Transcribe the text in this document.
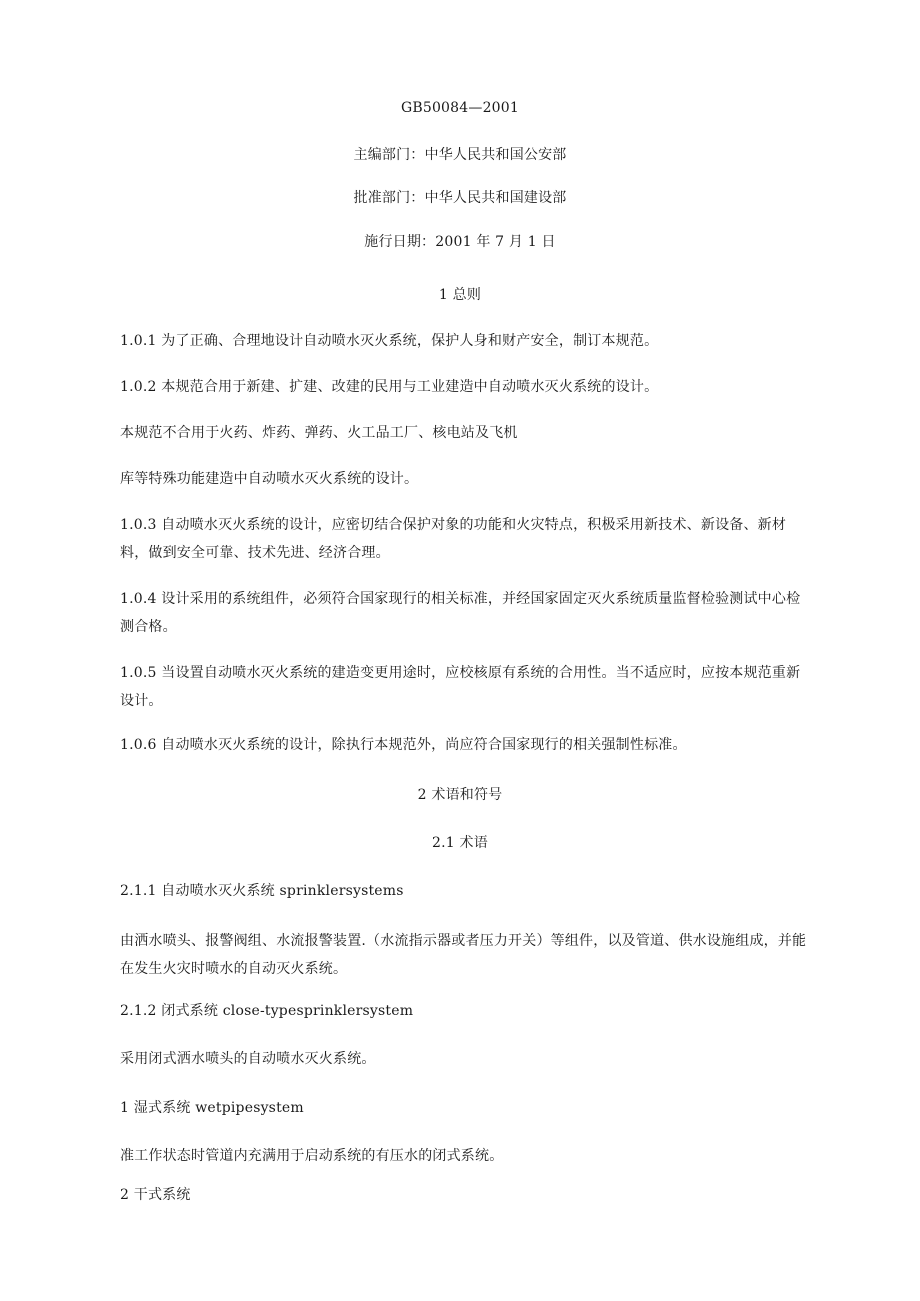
GB50084—2001
主编部门：中华人民共和国公安部
批准部门：中华人民共和国建设部
施行日期：2001 年 7 月 1 日
1 总则
1.0.1 为了正确、合理地设计自动喷水灭火系统，保护人身和财产安全，制订本规范。
1.0.2 本规范合用于新建、扩建、改建的民用与工业建造中自动喷水灭火系统的设计。
本规范不合用于火药、炸药、弹药、火工品工厂、核电站及飞机
库等特殊功能建造中自动喷水灭火系统的设计。
1.0.3 自动喷水灭火系统的设计，应密切结合保护对象的功能和火灾特点，积极采用新技术、新设备、新材料，做到安全可靠、技术先进、经济合理。
1.0.4 设计采用的系统组件，必须符合国家现行的相关标准，并经国家固定灭火系统质量监督检验测试中心检测合格。
1.0.5 当设置自动喷水灭火系统的建造变更用途时，应校核原有系统的合用性。当不适应时，应按本规范重新设计。
1.0.6 自动喷水灭火系统的设计，除执行本规范外，尚应符合国家现行的相关强制性标准。
2 术语和符号
2.1 术语
2.1.1 自动喷水灭火系统 sprinklersystems
由洒水喷头、报警阀组、水流报警装置.（水流指示器或者压力开关）等组件，以及管道、供水设施组成，并能在发生火灾时喷水的自动灭火系统。
2.1.2 闭式系统 close-typesprinklersystem
采用闭式洒水喷头的自动喷水灭火系统。
1 湿式系统 wetpipesystem
准工作状态时管道内充满用于启动系统的有压水的闭式系统。
2 干式系统
